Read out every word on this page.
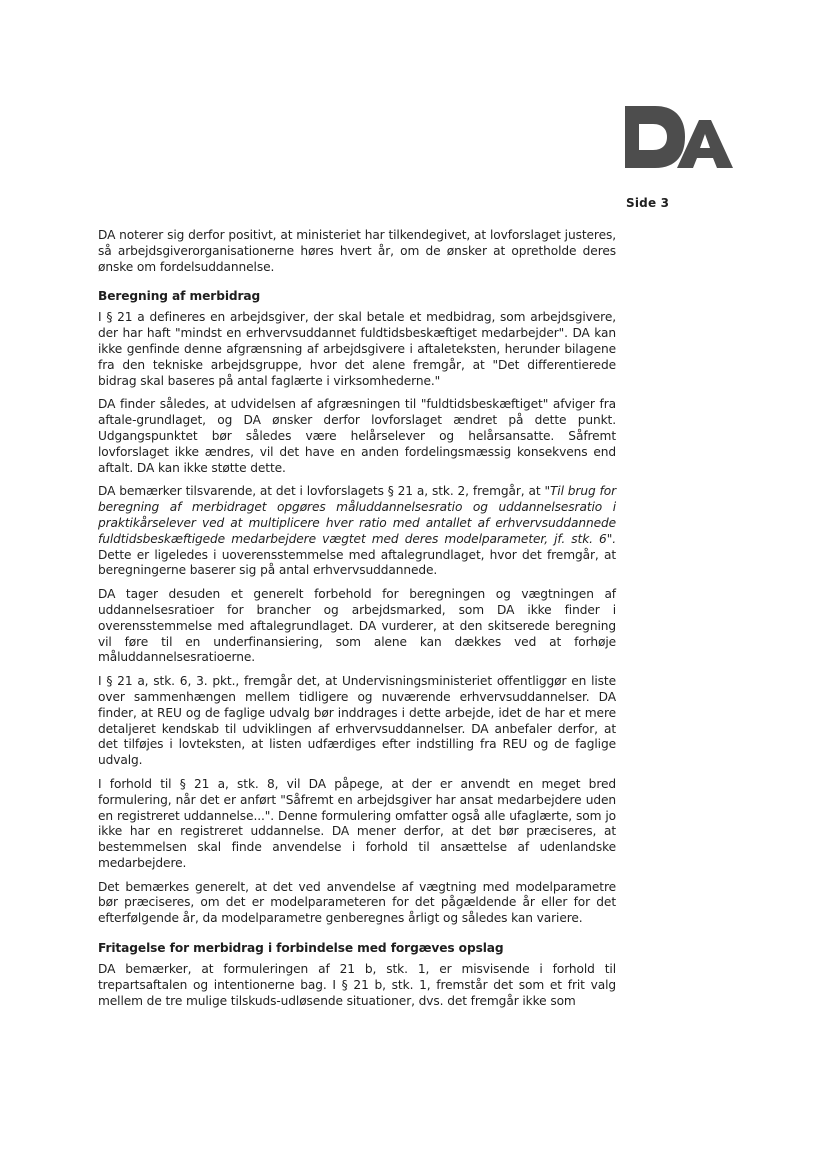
Side 3

DA noterer sig derfor positivt, at ministeriet har tilkendegivet, at lovforslaget justeres, så arbejdsgiverorganisationerne høres hvert år, om de ønsker at opretholde deres ønske om fordelsuddannelse.

Beregning af merbidrag

I § 21 a defineres en arbejdsgiver, der skal betale et medbidrag, som arbejdsgivere, der har haft "mindst en erhvervsuddannet fuldtidsbeskæftiget medarbejder". DA kan ikke genfinde denne afgrænsning af arbejdsgivere i aftaleteksten, herunder bilagene fra den tekniske arbejdsgruppe, hvor det alene fremgår, at "Det differentierede bidrag skal baseres på antal faglærte i virksomhederne."

DA finder således, at udvidelsen af afgræsningen til "fuldtidsbeskæftiget" afviger fra aftale-grundlaget, og DA ønsker derfor lovforslaget ændret på dette punkt. Udgangspunktet bør således være helårselever og helårsansatte. Såfremt lovforslaget ikke ændres, vil det have en anden fordelingsmæssig konsekvens end aftalt. DA kan ikke støtte dette.

DA bemærker tilsvarende, at det i lovforslagets § 21 a, stk. 2, fremgår, at "Til brug for beregning af merbidraget opgøres måluddannelsesratio og uddannelsesratio i praktikårselever ved at multiplicere hver ratio med antallet af erhvervsuddannede fuldtidsbeskæftigede medarbejdere vægtet med deres modelparameter, jf. stk. 6". Dette er ligeledes i uoverensstemmelse med aftalegrundlaget, hvor det fremgår, at beregningerne baserer sig på antal erhvervsuddannede.

DA tager desuden et generelt forbehold for beregningen og vægtningen af uddannelsesratioer for brancher og arbejdsmarked, som DA ikke finder i overensstemmelse med aftalegrundlaget. DA vurderer, at den skitserede beregning vil føre til en underfinansiering, som alene kan dækkes ved at forhøje måluddannelsesratioerne.

I § 21 a, stk. 6, 3. pkt., fremgår det, at Undervisningsministeriet offentliggør en liste over sammenhængen mellem tidligere og nuværende erhvervsuddannelser. DA finder, at REU og de faglige udvalg bør inddrages i dette arbejde, idet de har et mere detaljeret kendskab til udviklingen af erhvervsuddannelser. DA anbefaler derfor, at det tilføjes i lovteksten, at listen udfærdiges efter indstilling fra REU og de faglige udvalg.

I forhold til § 21 a, stk. 8, vil DA påpege, at der er anvendt en meget bred formulering, når det er anført "Såfremt en arbejdsgiver har ansat medarbejdere uden en registreret uddannelse...". Denne formulering omfatter også alle ufaglærte, som jo ikke har en registreret uddannelse. DA mener derfor, at det bør præciseres, at bestemmelsen skal finde anvendelse i forhold til ansættelse af udenlandske medarbejdere.

Det bemærkes generelt, at det ved anvendelse af vægtning med modelparametre bør præciseres, om det er modelparameteren for det pågældende år eller for det efterfølgende år, da modelparametre genberegnes årligt og således kan variere.

Fritagelse for merbidrag i forbindelse med forgæves opslag

DA bemærker, at formuleringen af 21 b, stk. 1, er misvisende i forhold til trepartsaftalen og intentionerne bag. I § 21 b, stk. 1, fremstår det som et frit valg mellem de tre mulige tilskuds-udløsende situationer, dvs. det fremgår ikke som
